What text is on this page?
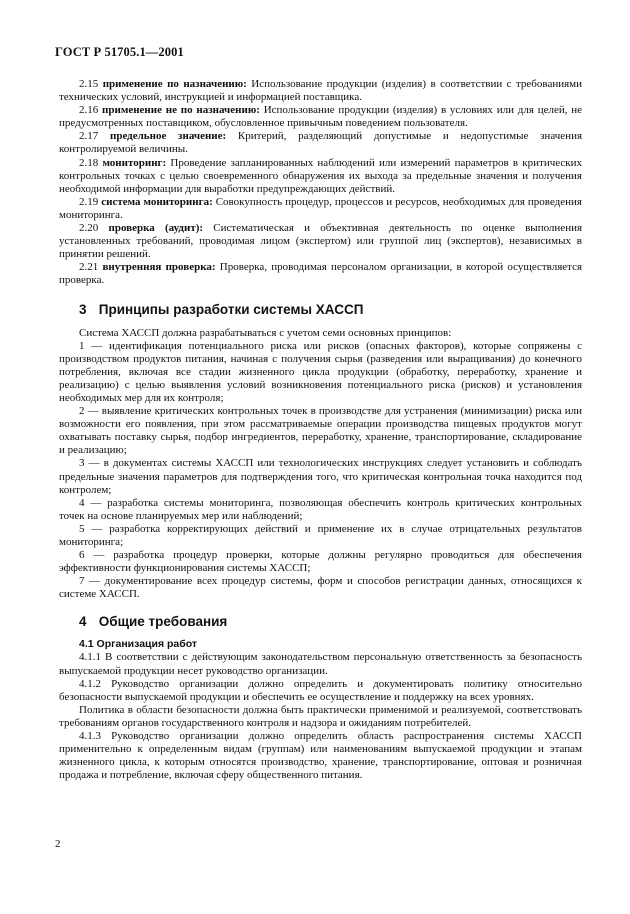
ГОСТ Р 51705.1—2001

2.15 применение по назначению: Использование продукции (изделия) в соответствии с требованиями технических условий, инструкцией и информацией поставщика.

2.16 применение не по назначению: Использование продукции (изделия) в условиях или для целей, не предусмотренных поставщиком, обусловленное привычным поведением пользователя.

2.17 предельное значение: Критерий, разделяющий допустимые и недопустимые значения контролируемой величины.

2.18 мониторинг: Проведение запланированных наблюдений или измерений параметров в критических контрольных точках с целью своевременного обнаружения их выхода за предельные значения и получения необходимой информации для выработки предупреждающих действий.

2.19 система мониторинга: Совокупность процедур, процессов и ресурсов, необходимых для проведения мониторинга.

2.20 проверка (аудит): Систематическая и объективная деятельность по оценке выполнения установленных требований, проводимая лицом (экспертом) или группой лиц (экспертов), независимых в принятии решений.

2.21 внутренняя проверка: Проверка, проводимая персоналом организации, в которой осуществляется проверка.

3 Принципы разработки системы ХАССП

Система ХАССП должна разрабатываться с учетом семи основных принципов:

1 — идентификация потенциального риска или рисков (опасных факторов), которые сопряжены с производством продуктов питания, начиная с получения сырья (разведения или выращивания) до конечного потребления, включая все стадии жизненного цикла продукции (обработку, переработку, хранение и реализацию) с целью выявления условий возникновения потенциального риска (рисков) и установления необходимых мер для их контроля;

2 — выявление критических контрольных точек в производстве для устранения (минимизации) риска или возможности его появления, при этом рассматриваемые операции производства пищевых продуктов могут охватывать поставку сырья, подбор ингредиентов, переработку, хранение, транспортирование, складирование и реализацию;

3 — в документах системы ХАССП или технологических инструкциях следует установить и соблюдать предельные значения параметров для подтверждения того, что критическая контрольная точка находится под контролем;

4 — разработка системы мониторинга, позволяющая обеспечить контроль критических контрольных точек на основе планируемых мер или наблюдений;

5 — разработка корректирующих действий и применение их в случае отрицательных результатов мониторинга;

6 — разработка процедур проверки, которые должны регулярно проводиться для обеспечения эффективности функционирования системы ХАССП;

7 — документирование всех процедур системы, форм и способов регистрации данных, относящихся к системе ХАССП.

4 Общие требования
4.1 Организация работ

4.1.1 В соответствии с действующим законодательством персональную ответственность за безопасность выпускаемой продукции несет руководство организации.

4.1.2 Руководство организации должно определить и документировать политику относительно безопасности выпускаемой продукции и обеспечить ее осуществление и поддержку на всех уровнях.

Политика в области безопасности должна быть практически применимой и реализуемой, соответствовать требованиям органов государственного контроля и надзора и ожиданиям потребителей.

4.1.3 Руководство организации должно определить область распространения системы ХАССП применительно к определенным видам (группам) или наименованиям выпускаемой продукции и этапам жизненного цикла, к которым относятся производство, хранение, транспортирование, оптовая и розничная продажа и потребление, включая сферу общественного питания.

2
